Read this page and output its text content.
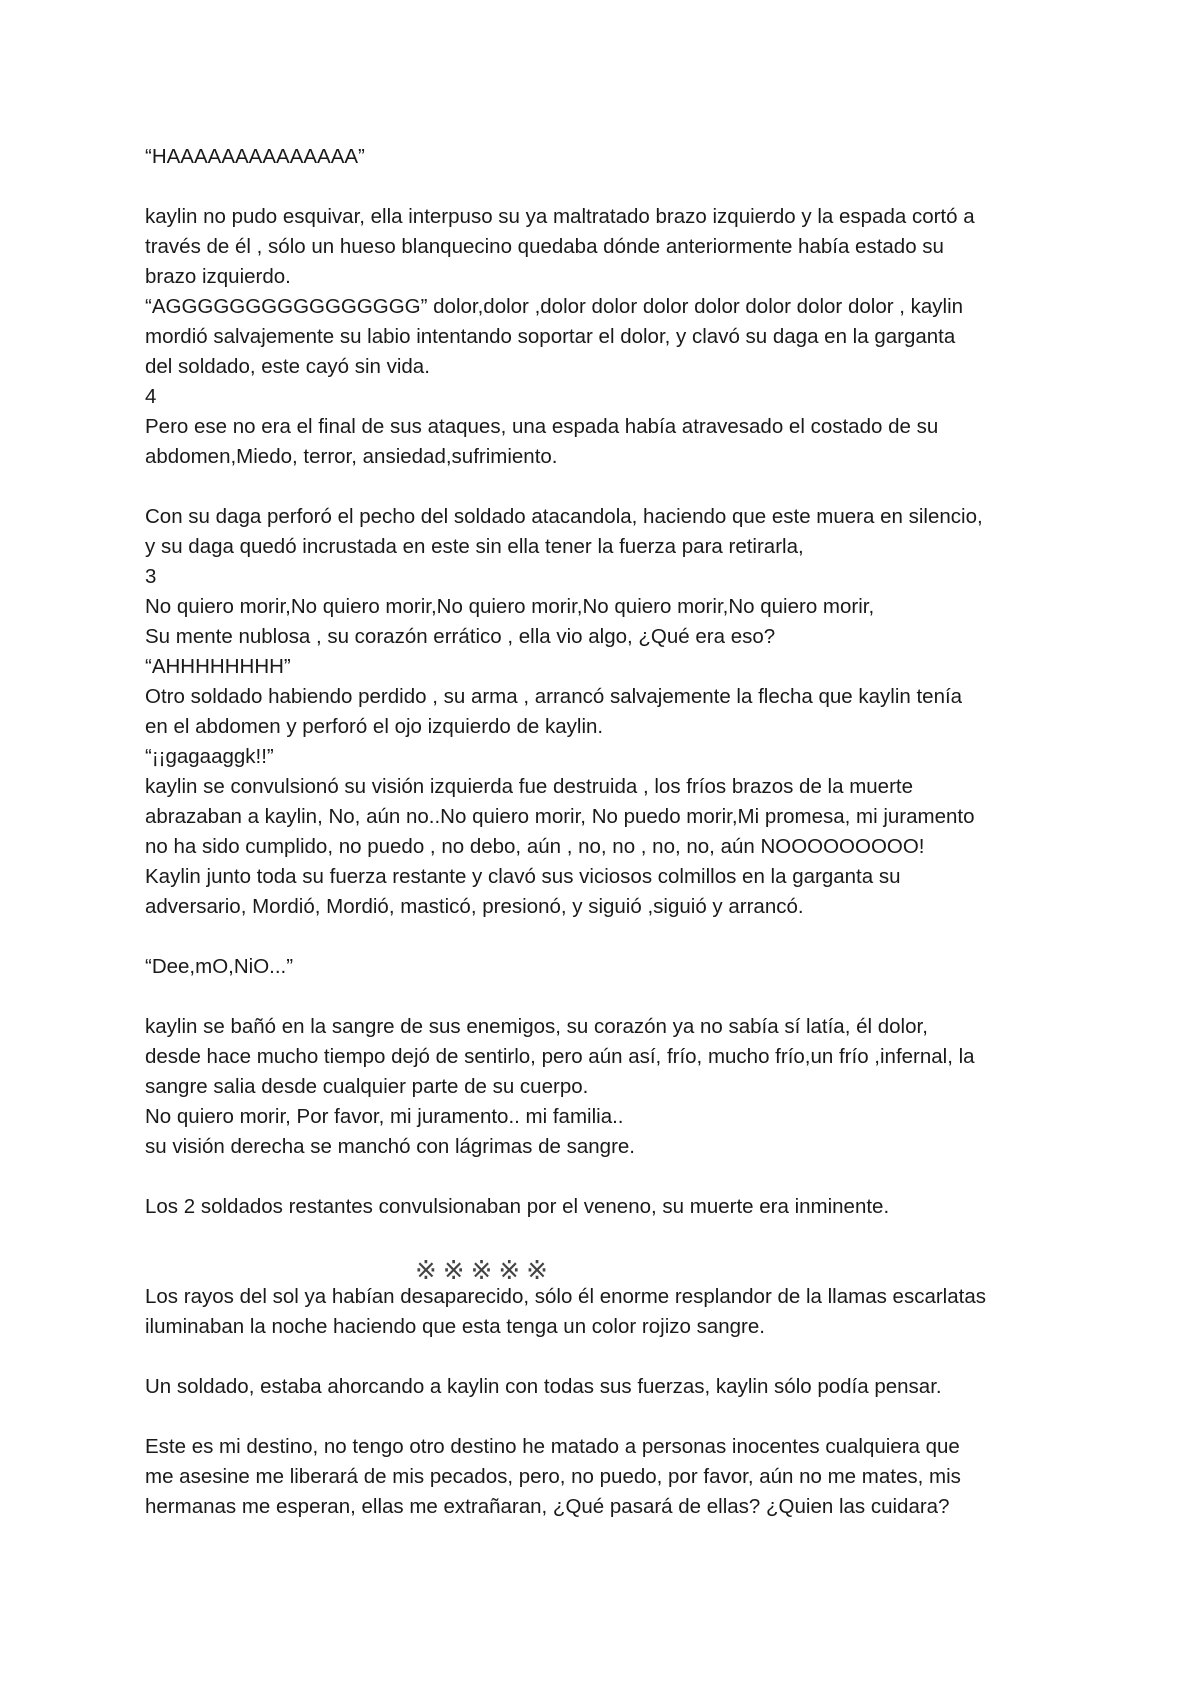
“HAAAAAAAAAAAAAA”
kaylin no pudo esquivar, ella interpuso su ya maltratado brazo izquierdo y la espada cortó a
través de él , sólo un hueso blanquecino quedaba dónde anteriormente había estado su
brazo izquierdo.
“AGGGGGGGGGGGGGGGG” dolor,dolor ,dolor dolor dolor dolor dolor dolor dolor , kaylin
mordió salvajemente su labio intentando soportar el dolor, y clavó su daga en la garganta
del soldado, este cayó sin vida.
4
Pero ese no era el final de sus ataques, una espada había atravesado el costado de su
abdomen,Miedo, terror, ansiedad,sufrimiento.
Con su daga perforó el pecho del soldado atacandola, haciendo que este muera en silencio,
y su daga quedó incrustada en este sin ella tener la fuerza para retirarla,
3
No quiero morir,No quiero morir,No quiero morir,No quiero morir,No quiero morir,
Su mente nublosa , su corazón errático , ella vio algo, ¿Qué era eso?
“AHHHHHHHH”
Otro soldado habiendo perdido , su arma , arrancó salvajemente la flecha que kaylin tenía
en el abdomen y perforó el ojo izquierdo de kaylin.
“¡¡gagaaggk!!”
kaylin se convulsionó su visión izquierda fue destruida , los fríos brazos de la muerte
abrazaban a kaylin, No, aún no..No quiero morir, No puedo morir,Mi promesa, mi juramento
no ha sido cumplido, no puedo , no debo, aún , no, no , no, no, aún NOOOOOOOOO!
Kaylin junto toda su fuerza restante y clavó sus viciosos colmillos en la garganta su
adversario, Mordió, Mordió, masticó, presionó, y siguió ,siguió y arrancó.
“Dee,mO,NiO...”
kaylin se bañó en la sangre de sus enemigos, su corazón ya no sabía sí latía, él dolor,
desde hace mucho tiempo dejó de sentirlo, pero aún así, frío, mucho frío,un frío ,infernal, la
sangre salia desde cualquier parte de su cuerpo.
No quiero morir, Por favor, mi juramento.. mi familia..
su visión derecha se manchó con lágrimas de sangre.
Los 2 soldados restantes convulsionaban por el veneno, su muerte era inminente.
※※※※※
Los rayos del sol ya habían desaparecido, sólo él enorme resplandor de la llamas escarlatas
iluminaban la noche haciendo que esta tenga un color rojizo sangre.
Un soldado, estaba ahorcando a kaylin con todas sus fuerzas, kaylin sólo podía pensar.
Este es mi destino, no tengo otro destino he matado a personas inocentes cualquiera que
me asesine me liberará de mis pecados, pero, no puedo, por favor, aún no me mates, mis
hermanas me esperan, ellas me extrañaran, ¿Qué pasará de ellas? ¿Quien las cuidara?
